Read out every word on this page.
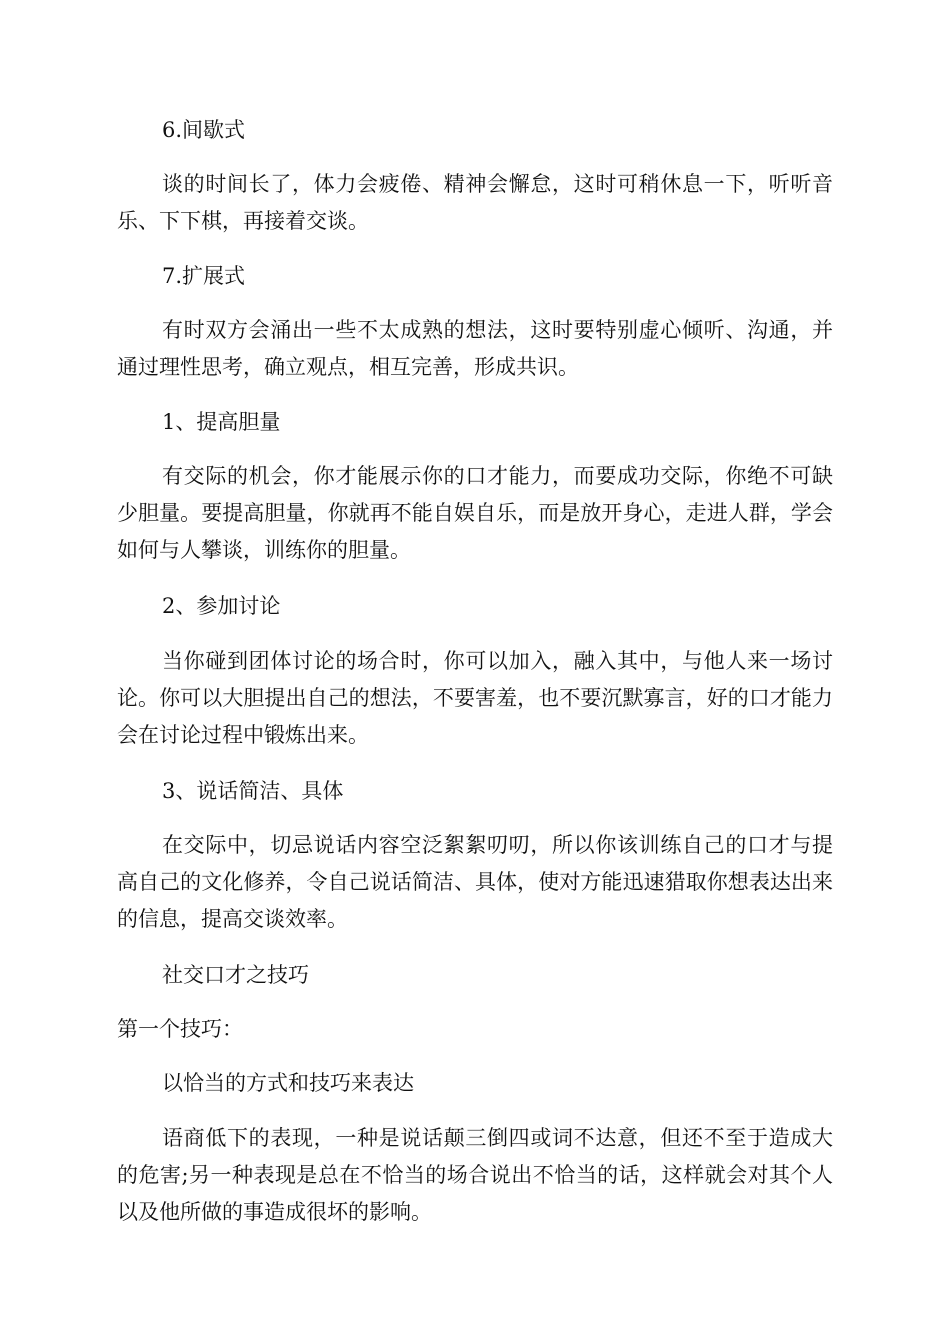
6.间歇式

谈的时间长了，体力会疲倦、精神会懈怠，这时可稍休息一下，听听音乐、下下棋，再接着交谈。

7.扩展式

有时双方会涌出一些不太成熟的想法，这时要特别虚心倾听、沟通，并通过理性思考，确立观点，相互完善，形成共识。

1、提高胆量

有交际的机会，你才能展示你的口才能力，而要成功交际，你绝不可缺少胆量。要提高胆量，你就再不能自娱自乐，而是放开身心，走进人群，学会如何与人攀谈，训练你的胆量。

2、参加讨论

当你碰到团体讨论的场合时，你可以加入，融入其中，与他人来一场讨论。你可以大胆提出自己的想法，不要害羞，也不要沉默寡言，好的口才能力会在讨论过程中锻炼出来。

3、说话简洁、具体

在交际中，切忌说话内容空泛絮絮叨叨，所以你该训练自己的口才与提高自己的文化修养，令自己说话简洁、具体，使对方能迅速猎取你想表达出来的信息，提高交谈效率。

社交口才之技巧

第一个技巧：

以恰当的方式和技巧来表达

语商低下的表现，一种是说话颠三倒四或词不达意，但还不至于造成大的危害;另一种表现是总在不恰当的场合说出不恰当的话，这样就会对其个人以及他所做的事造成很坏的影响。
